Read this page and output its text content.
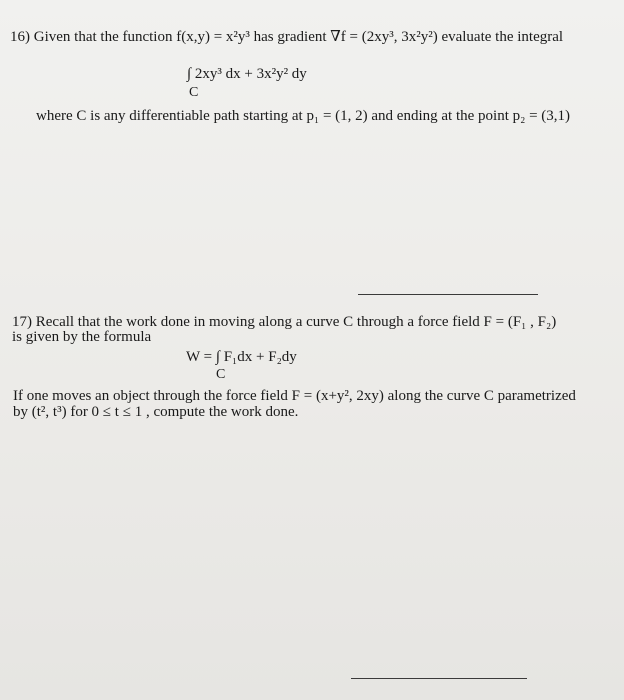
16) Given that the function f(x,y) = x²y³ has gradient ∇f = (2xy³, 3x²y²) evaluate the integral
∫ 2xy³ dx + 3x²y² dy
C
where C is any differentiable path starting at p₁ = (1, 2) and ending at the point p₂ = (3,1)
17) Recall that the work done in moving along a curve C through a force field F = (F₁ , F₂)
is given by the formula
W = ∫ F₁dx + F₂dy
C
If one moves an object through the force field F = (x+y², 2xy) along the curve C parametrized
by (t², t³) for 0 ≤ t ≤ 1 , compute the work done.
